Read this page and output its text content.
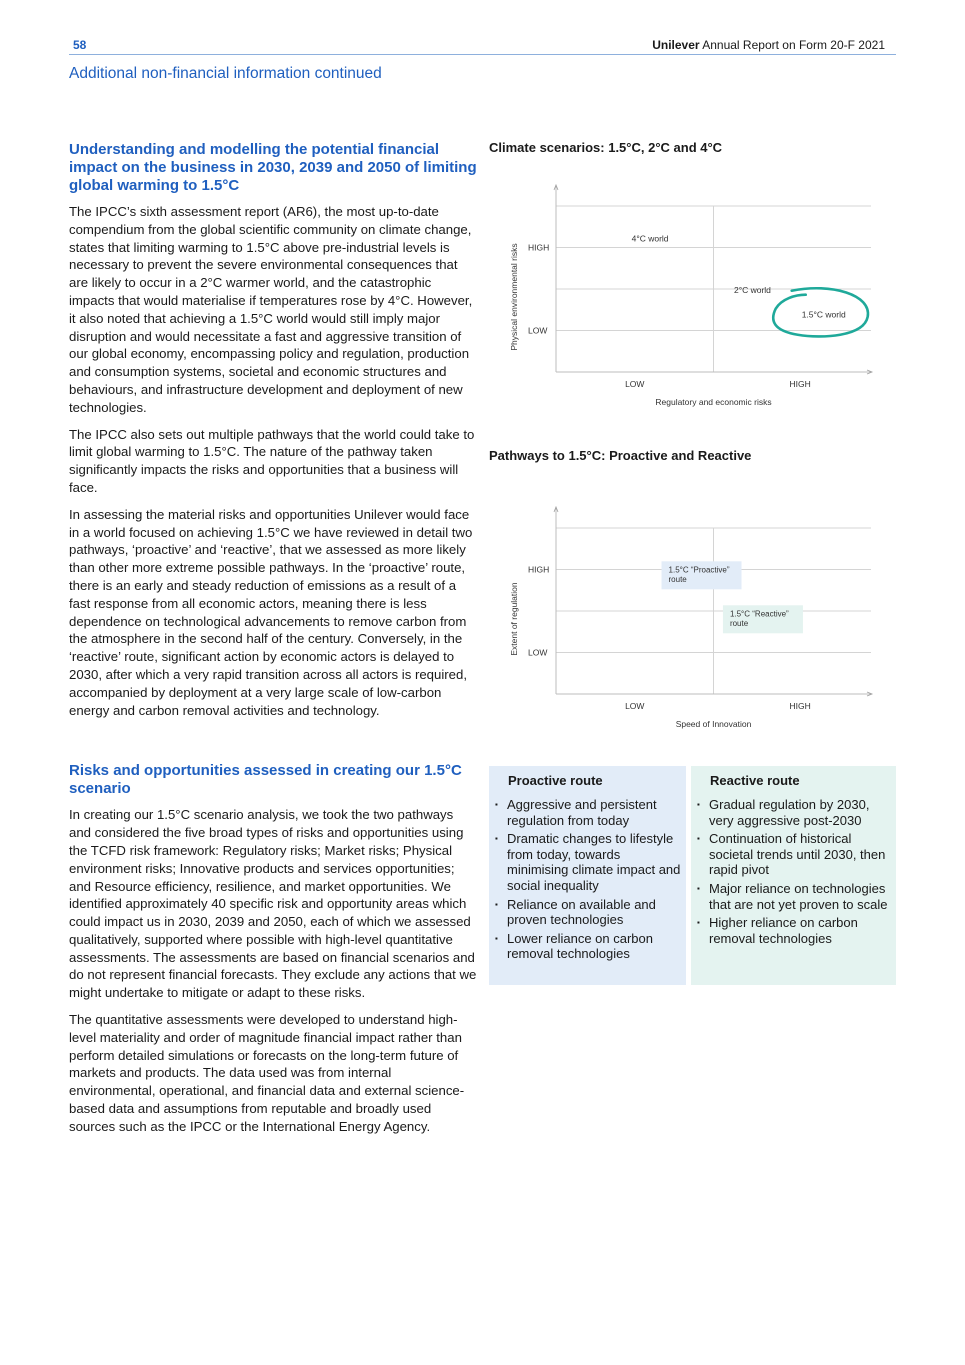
58	Unilever Annual Report on Form 20-F 2021
Additional non-financial information continued
Understanding and modelling the potential financial impact on the business in 2030, 2039 and 2050 of limiting global warming to 1.5°C

The IPCC’s sixth assessment report (AR6), the most up-to-date compendium from the global scientific community on climate change, states that limiting warming to 1.5°C above pre-industrial levels is necessary to prevent the severe environmental consequences that are likely to occur in a 2°C warmer world, and the catastrophic impacts that would materialise if temperatures rose by 4°C. However, it also noted that achieving a 1.5°C world would still imply major disruption and would necessitate a fast and aggressive transition of our global economy, encompassing policy and regulation, production and consumption systems, societal and economic structures and behaviours, and infrastructure development and deployment of new technologies.

The IPCC also sets out multiple pathways that the world could take to limit global warming to 1.5°C. The nature of the pathway taken significantly impacts the risks and opportunities that a business will face.

In assessing the material risks and opportunities Unilever would face in a world focused on achieving 1.5°C we have reviewed in detail two pathways, ‘proactive’ and ‘reactive’, that we assessed as more likely than other more extreme possible pathways. In the ‘proactive’ route, there is an early and steady reduction of emissions as a result of a fast response from all economic actors, meaning there is less dependence on technological advancements to remove carbon from the atmosphere in the second half of the century. Conversely, in the ‘reactive’ route, significant action by economic actors is delayed to 2030, after which a very rapid transition across all actors is required, accompanied by deployment at a very large scale of low-carbon energy and carbon removal activities and technology.

Risks and opportunities assessed in creating our 1.5°C scenario

In creating our 1.5°C scenario analysis, we took the two pathways and considered the five broad types of risks and opportunities using the TCFD risk framework: Regulatory risks; Market risks; Physical environment risks; Innovative products and services opportunities; and Resource efficiency, resilience, and market opportunities. We identified approximately 40 specific risk and opportunity areas which could impact us in 2030, 2039 and 2050, each of which we assessed qualitatively, supported where possible with high-level quantitative assessments. The assessments are based on financial scenarios and do not represent financial forecasts. They exclude any actions that we might undertake to mitigate or adapt to these risks.

The quantitative assessments were developed to understand high-level materiality and order of magnitude financial impact rather than perform detailed simulations or forecasts on the long-term future of markets and products. The data used was from internal environmental, operational, and financial data and external science-based data and assumptions from reputable and broadly used sources such as the IPCC or the International Energy Agency.

Climate scenarios: 1.5°C, 2°C and 4°C
HIGH
LOW
LOW	HIGH
Regulatory and economic risks
Physical environmental risks
4°C world
2°C world
1.5°C world
Pathways to 1.5°C: Proactive and Reactive
HIGH
LOW
LOW	HIGH
Speed of Innovation
Extent of regulation
1.5°C “Proactive”
route
1.5°C “Reactive”
route
Proactive route
▪ Aggressive and persistent regulation from today
▪ Dramatic changes to lifestyle from today, towards minimising climate impact and social inequality
▪ Reliance on available and proven technologies
▪ Lower reliance on carbon removal technologies
Reactive route
▪ Gradual regulation by 2030, very aggressive post-2030
▪ Continuation of historical societal trends until 2030, then rapid pivot
▪ Major reliance on technologies that are not yet proven to scale
▪ Higher reliance on carbon removal technologies
